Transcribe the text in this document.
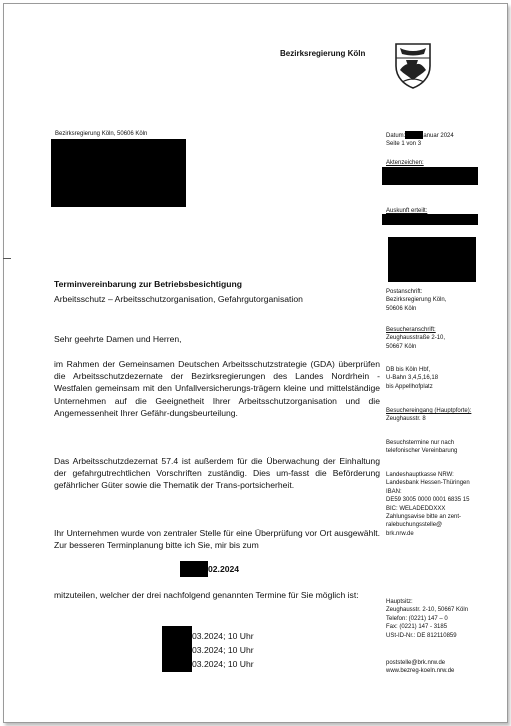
Bezirksregierung Köln
Bezirksregierung Köln, 50606 Köln	Datum:	anuar 2024
Seite 1 von 3
Aktenzeichen:
Auskunft erteilt:
Postanschrift:
Bezirksregierung Köln,
50606 Köln
Besucheranschrift:
Zeughausstraße 2-10,
50667 Köln
DB bis Köln Hbf,
U-Bahn 3,4,5,16,18
bis Appellhofplatz
Besuchereingang (Hauptpforte):
Zeughausstr. 8
Besuchstermine nur nach
telefonischer Vereinbarung
Landeshauptkasse NRW:
Landesbank Hessen-Thüringen
IBAN:
DE59 3005 0000 0001 6835 15
BIC: WELADEDDXXX
Zahlungsavise bitte an zent-
ralebuchungsstelle@
brk.nrw.de
Hauptsitz:
Zeughausstr. 2-10, 50667 Köln
Telefon: (0221) 147 – 0
Fax: (0221) 147 - 3185
USt-ID-Nr.: DE 812110859
poststelle@brk.nrw.de
www.bezreg-koeln.nrw.de
Terminvereinbarung zur Betriebsbesichtigung
Arbeitsschutz – Arbeitsschutzorganisation, Gefahrgutorganisation
Sehr geehrte Damen und Herren,

im Rahmen der Gemeinsamen Deutschen Arbeitsschutzstrategie (GDA) überprüfen die Arbeitsschutzdezernate der Bezirksregierungen des Landes Nordrhein - Westfalen gemeinsam mit den Unfallversicherungs-trägern kleine und mittelständige Unternehmen auf die Geeignetheit Ihrer Arbeitsschutzorganisation und die Angemessenheit Ihrer Gefähr-dungsbeurteilung.

Das Arbeitsschutzdezernat 57.4 ist außerdem für die Überwachung der Einhaltung der gefahrgutrechtlichen Vorschriften zuständig. Dies um-fasst die Beförderung gefährlicher Güter sowie die Thematik der Trans-portsicherheit.

Ihr Unternehmen wurde von zentraler Stelle für eine Überprüfung vor Ort ausgewählt. Zur besseren Terminplanung bitte ich Sie, mir bis zum

02.2024

mitzuteilen, welcher der drei nachfolgend genannten Termine für Sie möglich ist:

03.2024; 10 Uhr
03.2024; 10 Uhr
03.2024; 10 Uhr
